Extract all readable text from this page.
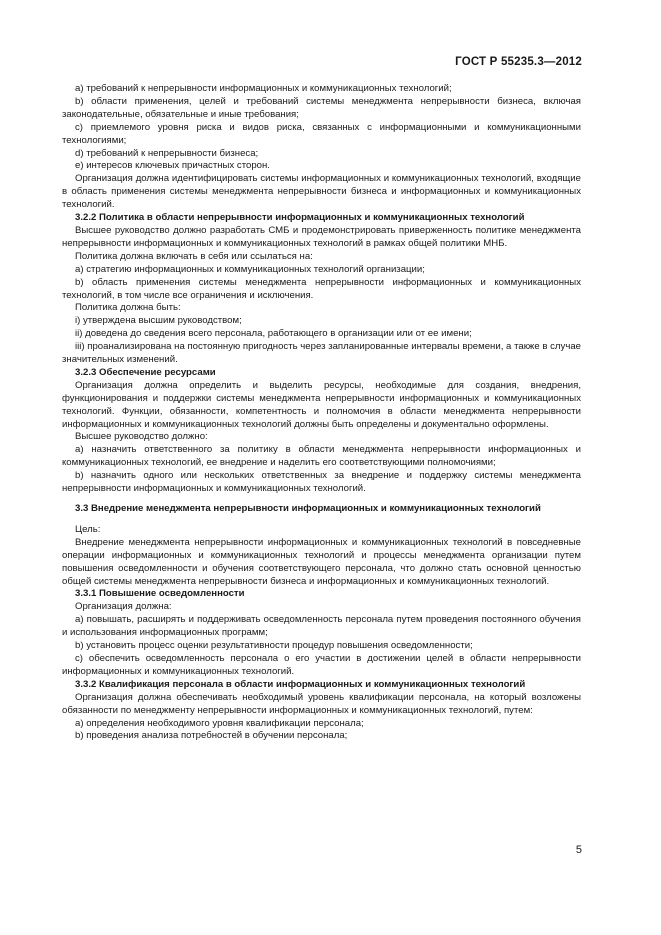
ГОСТ Р 55235.3—2012

a) требований к непрерывности информационных и коммуникационных технологий;

b) области применения, целей и требований системы менеджмента непрерывности бизнеса, включая законодательные, обязательные и иные требования;

c) приемлемого уровня риска и видов риска, связанных с информационными и коммуникационными технологиями;

d) требований к непрерывности бизнеса;

e) интересов ключевых причастных сторон.

Организация должна идентифицировать системы информационных и коммуникационных технологий, входящие в область применения системы менеджмента непрерывности бизнеса и информационных и коммуникационных технологий.

3.2.2 Политика в области непрерывности информационных и коммуникационных технологий

Высшее руководство должно разработать СМБ и продемонстрировать приверженность политике менеджмента непрерывности информационных и коммуникационных технологий в рамках общей политики МНБ.

Политика должна включать в себя или ссылаться на:

a) стратегию информационных и коммуникационных технологий организации;

b) область применения системы менеджмента непрерывности информационных и коммуникационных технологий, в том числе все ограничения и исключения.

Политика должна быть:

i) утверждена высшим руководством;

ii) доведена до сведения всего персонала, работающего в организации или от ее имени;

iii) проанализирована на постоянную пригодность через запланированные интервалы времени, а также в случае значительных изменений.

3.2.3 Обеспечение ресурсами

Организация должна определить и выделить ресурсы, необходимые для создания, внедрения, функционирования и поддержки системы менеджмента непрерывности информационных и коммуникационных технологий. Функции, обязанности, компетентность и полномочия в области менеджмента непрерывности информационных и коммуникационных технологий должны быть определены и документально оформлены.

Высшее руководство должно:

a) назначить ответственного за политику в области менеджмента непрерывности информационных и коммуникационных технологий, ее внедрение и наделить его соответствующими полномочиями;

b) назначить одного или нескольких ответственных за внедрение и поддержку системы менеджмента непрерывности информационных и коммуникационных технологий.

3.3 Внедрение менеджмента непрерывности информационных и коммуникационных технологий

Цель:

Внедрение менеджмента непрерывности информационных и коммуникационных технологий в повседневные операции информационных и коммуникационных технологий и процессы менеджмента организации путем повышения осведомленности и обучения соответствующего персонала, что должно стать основной ценностью общей системы менеджмента непрерывности бизнеса и информационных и коммуникационных технологий.

3.3.1 Повышение осведомленности

Организация должна:

a) повышать, расширять и поддерживать осведомленность персонала путем проведения постоянного обучения и использования информационных программ;

b) установить процесс оценки результативности процедур повышения осведомленности;

c) обеспечить осведомленность персонала о его участии в достижении целей в области непрерывности информационных и коммуникационных технологий.

3.3.2 Квалификация персонала в области информационных и коммуникационных технологий

Организация должна обеспечивать необходимый уровень квалификации персонала, на который возложены обязанности по менеджменту непрерывности информационных и коммуникационных технологий, путем:

a) определения необходимого уровня квалификации персонала;

b) проведения анализа потребностей в обучении персонала;

5
